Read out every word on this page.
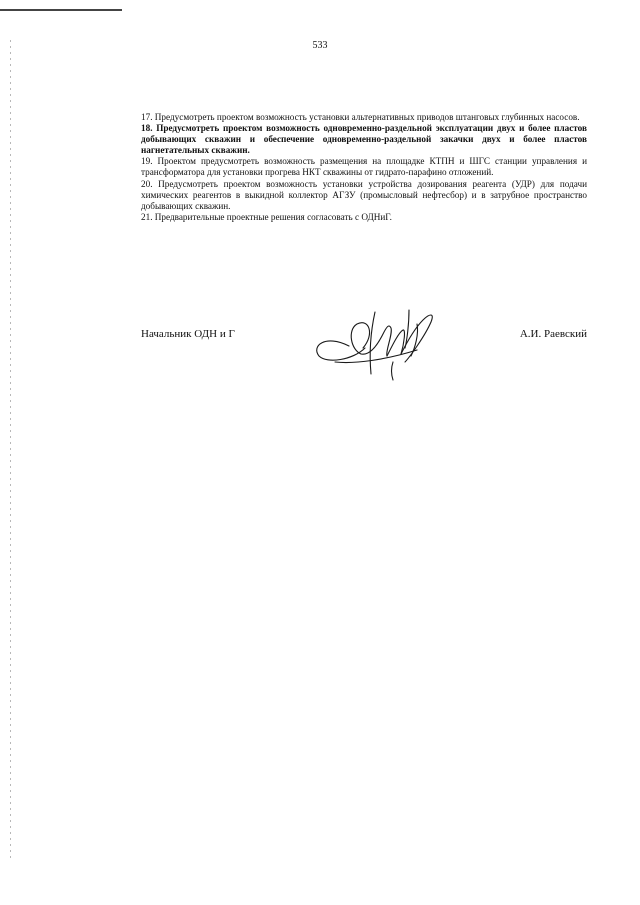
533

17. Предусмотреть проектом возможность установки альтернативных приводов штанговых глубинных насосов.

18. Предусмотреть проектом возможность одновременно-раздельной эксплуатации двух и более пластов добывающих скважин и обеспечение одновременно-раздельной закачки двух и более пластов нагнетательных скважин.

19. Проектом предусмотреть возможность размещения на площадке КТПН и ШГС станции управления и трансформатора для установки прогрева НКТ скважины от гидрато-парафино отложений.

20. Предусмотреть проектом возможность установки устройства дозирования реагента (УДР) для подачи химических реагентов в выкидной коллектор АГЗУ (промысловый нефтесбор) и в затрубное пространство добывающих скважин.

21. Предварительные проектные решения согласовать с ОДНиГ.

Начальник ОДН и Г	А.И. Раевский
